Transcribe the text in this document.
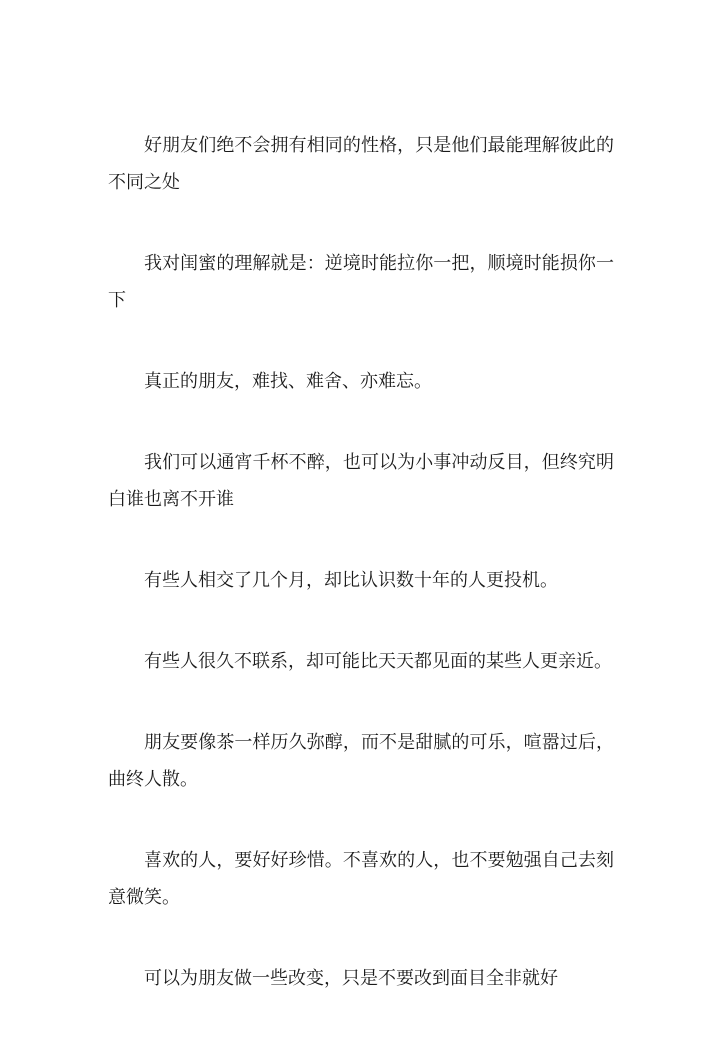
好朋友们绝不会拥有相同的性格，只是他们最能理解彼此的不同之处

我对闺蜜的理解就是：逆境时能拉你一把，顺境时能损你一下

真正的朋友，难找、难舍、亦难忘。

我们可以通宵千杯不醉，也可以为小事冲动反目，但终究明白谁也离不开谁

有些人相交了几个月，却比认识数十年的人更投机。

有些人很久不联系，却可能比天天都见面的某些人更亲近。

朋友要像茶一样历久弥醇，而不是甜腻的可乐，喧嚣过后，曲终人散。

喜欢的人，要好好珍惜。不喜欢的人，也不要勉强自己去刻意微笑。

可以为朋友做一些改变，只是不要改到面目全非就好
